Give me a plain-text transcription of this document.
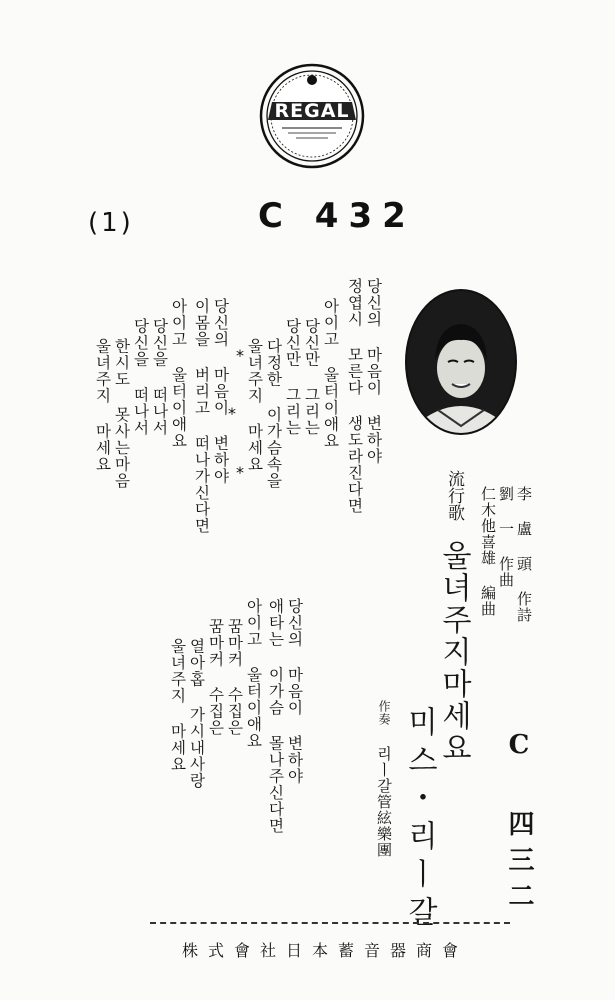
REGAL
(1)	C 432
당신의 마음이 변하야
정엽시 모른다 생도라진다면
아이고 울터이애요
당신만 그리는
당신만 그리는
다정한 이가슴속을
울녀주지 마세요
*
*
*
당신의 마음이 변하야
이몸을 버리고 떠나가신다면
아이고 울터이애요
당신을 떠나서
당신을 떠나서
한시도 못사는마음
울녀주지 마세요
당신의 마음이 변하야
애타는 이가슴 몰나주신다면
아이고 울터이애요
꿈마커 수집은
꿈마커 수집은
열아홉 가시내사랑
울녀주지 마세요
流行歌
울녀주지마세요
미스・리ㅣ갈
作奏
리ㅣ갈管絃樂團
李 盧 頭 作詩
劉 一 作曲
仁木他喜雄 編曲
C 四三二
株式會社日本蓄音器商會
